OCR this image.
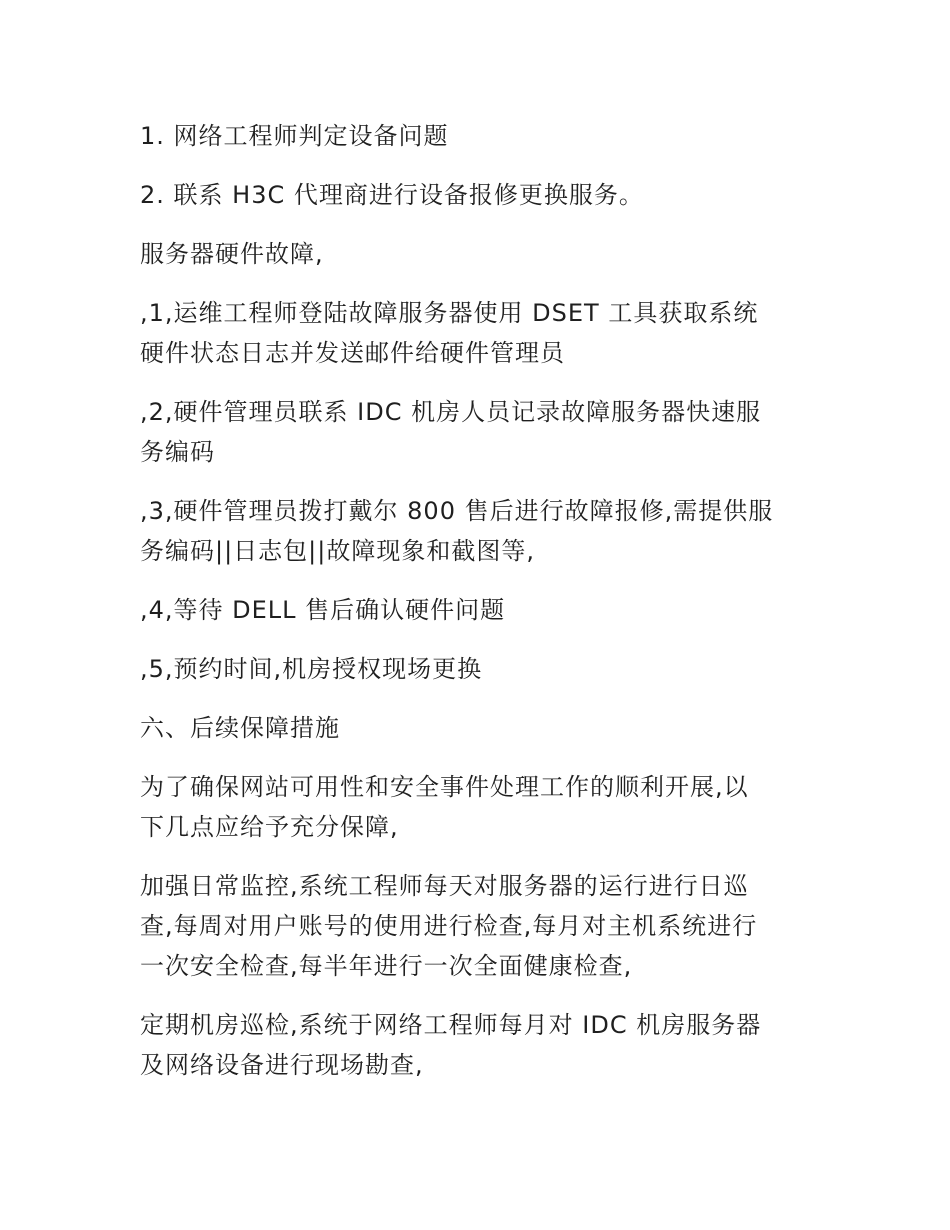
1. 网络工程师判定设备问题

2. 联系 H3C 代理商进行设备报修更换服务。

服务器硬件故障,

,1,运维工程师登陆故障服务器使用 DSET 工具获取系统
硬件状态日志并发送邮件给硬件管理员

,2,硬件管理员联系 IDC 机房人员记录故障服务器快速服
务编码

,3,硬件管理员拨打戴尔 800 售后进行故障报修,需提供服
务编码||日志包||故障现象和截图等,

,4,等待 DELL 售后确认硬件问题

,5,预约时间,机房授权现场更换

六、后续保障措施

为了确保网站可用性和安全事件处理工作的顺利开展,以
下几点应给予充分保障,

加强日常监控,系统工程师每天对服务器的运行进行日巡
查,每周对用户账号的使用进行检查,每月对主机系统进行
一次安全检查,每半年进行一次全面健康检查,

定期机房巡检,系统于网络工程师每月对 IDC 机房服务器
及网络设备进行现场勘查,
